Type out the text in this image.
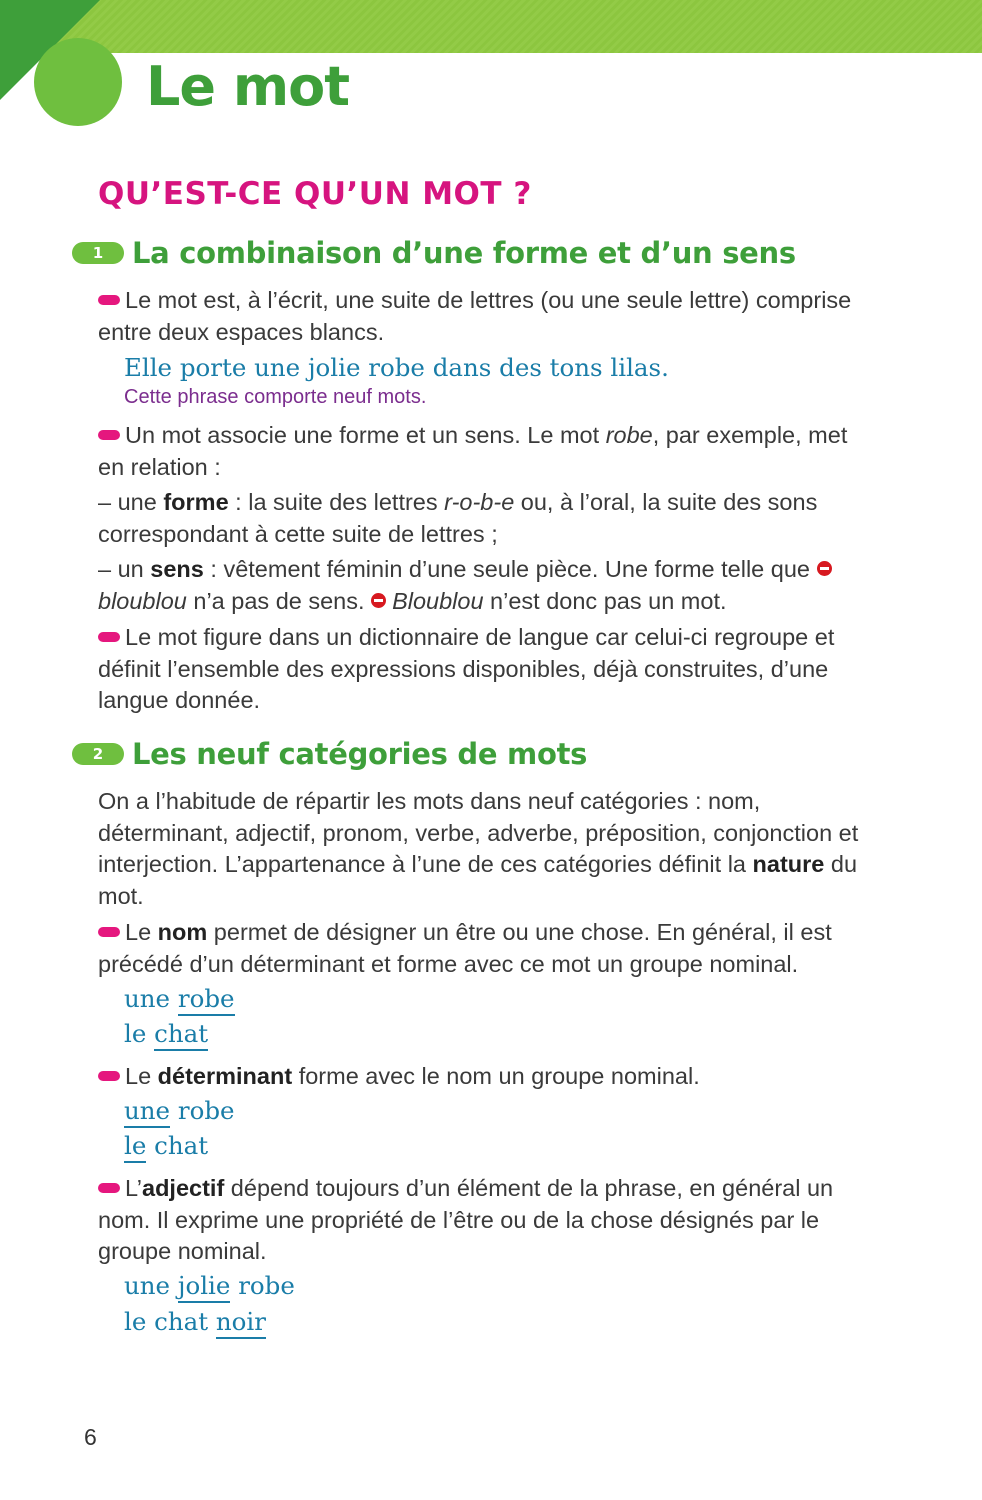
Le mot
QU’EST-CE QU’UN MOT ?
1 La combinaison d’une forme et d’un sens

Le mot est, à l’écrit, une suite de lettres (ou une seule lettre) comprise entre deux espaces blancs.

Elle porte une jolie robe dans des tons lilas.

Cette phrase comporte neuf mots.

Un mot associe une forme et un sens. Le mot robe, par exemple, met en relation :

– une forme : la suite des lettres r-o-b-e ou, à l’oral, la suite des sons correspondant à cette suite de lettres ;

– un sens : vêtement féminin d’une seule pièce. Une forme telle que bloublou n’a pas de sens. Bloublou n’est donc pas un mot.

Le mot figure dans un dictionnaire de langue car celui-ci regroupe et définit l’ensemble des expressions disponibles, déjà construites, d’une langue donnée.

2 Les neuf catégories de mots

On a l’habitude de répartir les mots dans neuf catégories : nom, déterminant, adjectif, pronom, verbe, adverbe, préposition, conjonction et interjection. L’appartenance à l’une de ces catégories définit la nature du mot.

Le nom permet de désigner un être ou une chose. En général, il est précédé d’un déterminant et forme avec ce mot un groupe nominal.

une robe

le chat

Le déterminant forme avec le nom un groupe nominal.

une robe

le chat

L’adjectif dépend toujours d’un élément de la phrase, en général un nom. Il exprime une propriété de l’être ou de la chose désignés par le groupe nominal.

une jolie robe

le chat noir

6
